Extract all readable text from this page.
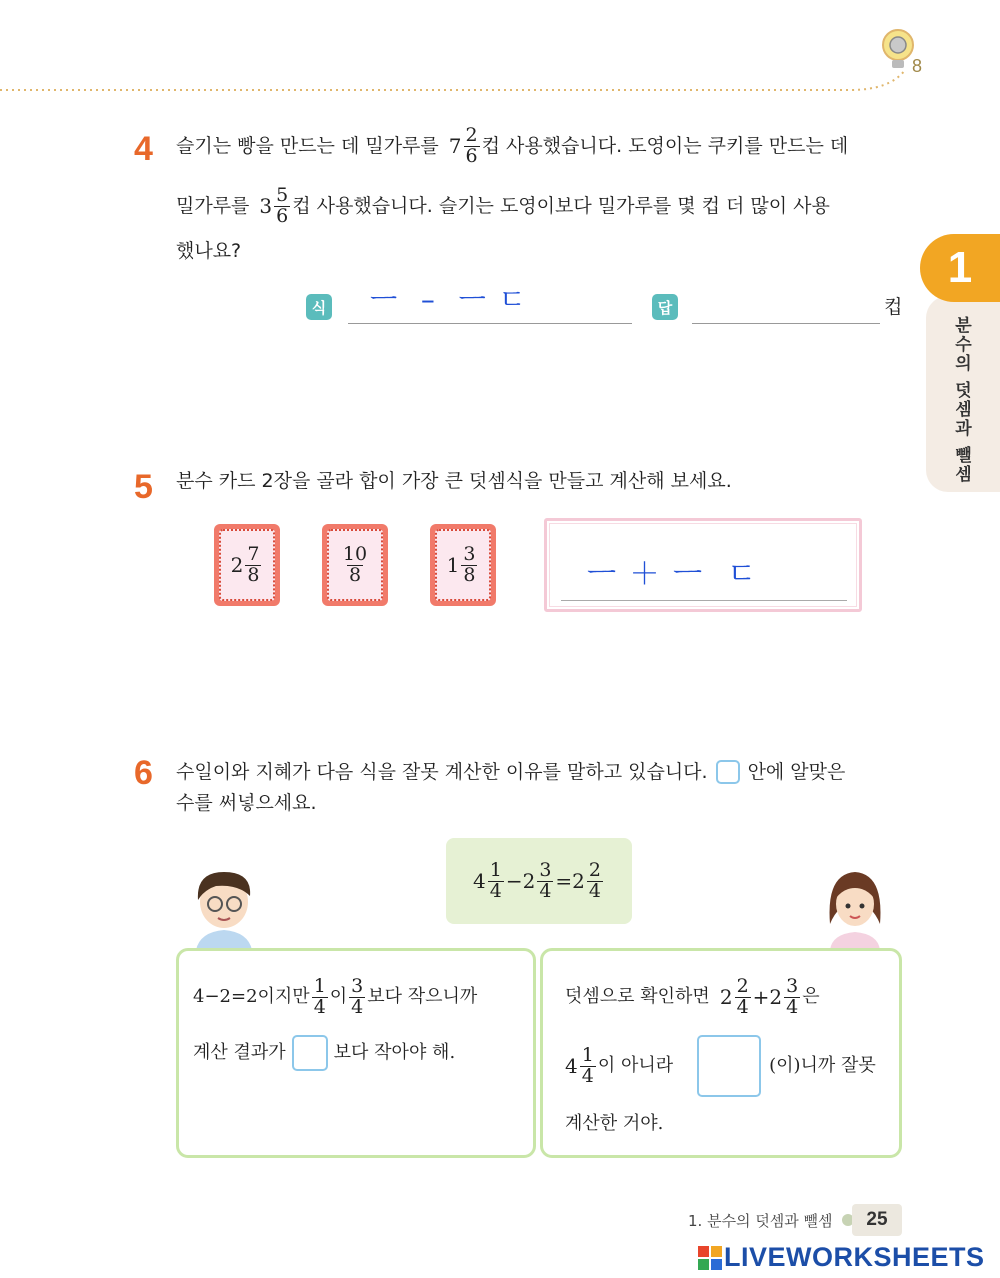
8
1
분수의 덧셈과 뺄셈
4 슬기는 빵을 만드는 데 밀가루를 $7 \frac{2}{6}$ 컵 사용했습니다. 도영이는 쿠키를 만드는 데
밀가루를 $3 \frac{5}{6}$ 컵 사용했습니다. 슬기는 도영이보다 밀가루를 몇 컵 더 많이 사용
했나요?
식 ㅡ  –  ㅡ ㄷ	답	컵
5 분수 카드 2장을 골라 합이 가장 큰 덧셈식을 만들고 계산해 보세요.
$2 \frac{7}{8}$	$\frac{10}{8}$	$1 \frac{3}{8}$	ㅡ ＋ ㅡ  ㄷ
6 수일이와 지혜가 다음 식을 잘못 계산한 이유를 말하고 있습니다. 안에 알맞은
수를 써넣으세요.
$4 \frac{1}{4} - 2 \frac{3}{4} = 2 \frac{2}{4}$
4−2=2이지만 $\frac{1}{4}$ 이 $\frac{3}{4}$ 보다 작으니까
계산 결과가	보다 작아야 해.
덧셈으로 확인하면 $2 \frac{2}{4} + 2 \frac{3}{4}$ 은
$4 \frac{1}{4}$ 이 아니라	(이)니까 잘못
계산한 거야.
1. 분수의 덧셈과 뺄셈 25
LIVEWORKSHEETS
